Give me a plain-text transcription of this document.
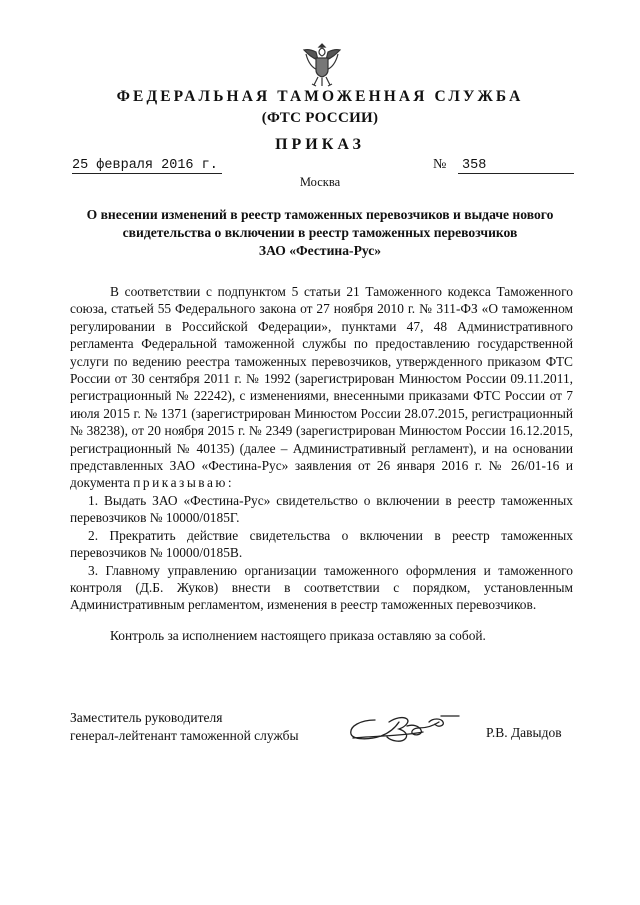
ФЕДЕРАЛЬНАЯ ТАМОЖЕННАЯ СЛУЖБА
(ФТС РОССИИ)
ПРИКАЗ
25 февраля 2016 г.	№ 358
Москва
О внесении изменений в реестр таможенных перевозчиков и выдаче нового
свидетельства о включении в реестр таможенных перевозчиков
ЗАО «Фестина-Рус»

В соответствии с подпунктом 5 статьи 21 Таможенного кодекса Таможенного союза, статьей 55 Федерального закона от 27 ноября 2010 г. № 311-ФЗ «О таможенном регулировании в Российской Федерации», пунктами 47, 48 Административного регламента Федеральной таможенной службы по предоставлению государственной услуги по ведению реестра таможенных перевозчиков, утвержденного приказом ФТС России от 30 сентября 2011 г. № 1992 (зарегистрирован Минюстом России 09.11.2011, регистрационный № 22242), с изменениями, внесенными приказами ФТС России от 7 июля 2015 г. № 1371 (зарегистрирован Минюстом России 28.07.2015, регистрационный № 38238), от 20 ноября 2015 г. № 2349 (зарегистрирован Минюстом России 16.12.2015, регистрационный № 40135) (далее – Административный регламент), и на основании представленных ЗАО «Фестина-Рус» заявления от 26 января 2016 г. № 26/01-16 и документа приказываю:

1. Выдать ЗАО «Фестина-Рус» свидетельство о включении в реестр таможенных перевозчиков № 10000/0185Г.

2. Прекратить действие свидетельства о включении в реестр таможенных перевозчиков № 10000/0185В.

3. Главному управлению организации таможенного оформления и таможенного контроля (Д.Б. Жуков) внести в соответствии с порядком, установленным Административным регламентом, изменения в реестр таможенных перевозчиков.

Контроль за исполнением настоящего приказа оставляю за собой.

Заместитель руководителя
генерал-лейтенант таможенной службы	Р.В. Давыдов
